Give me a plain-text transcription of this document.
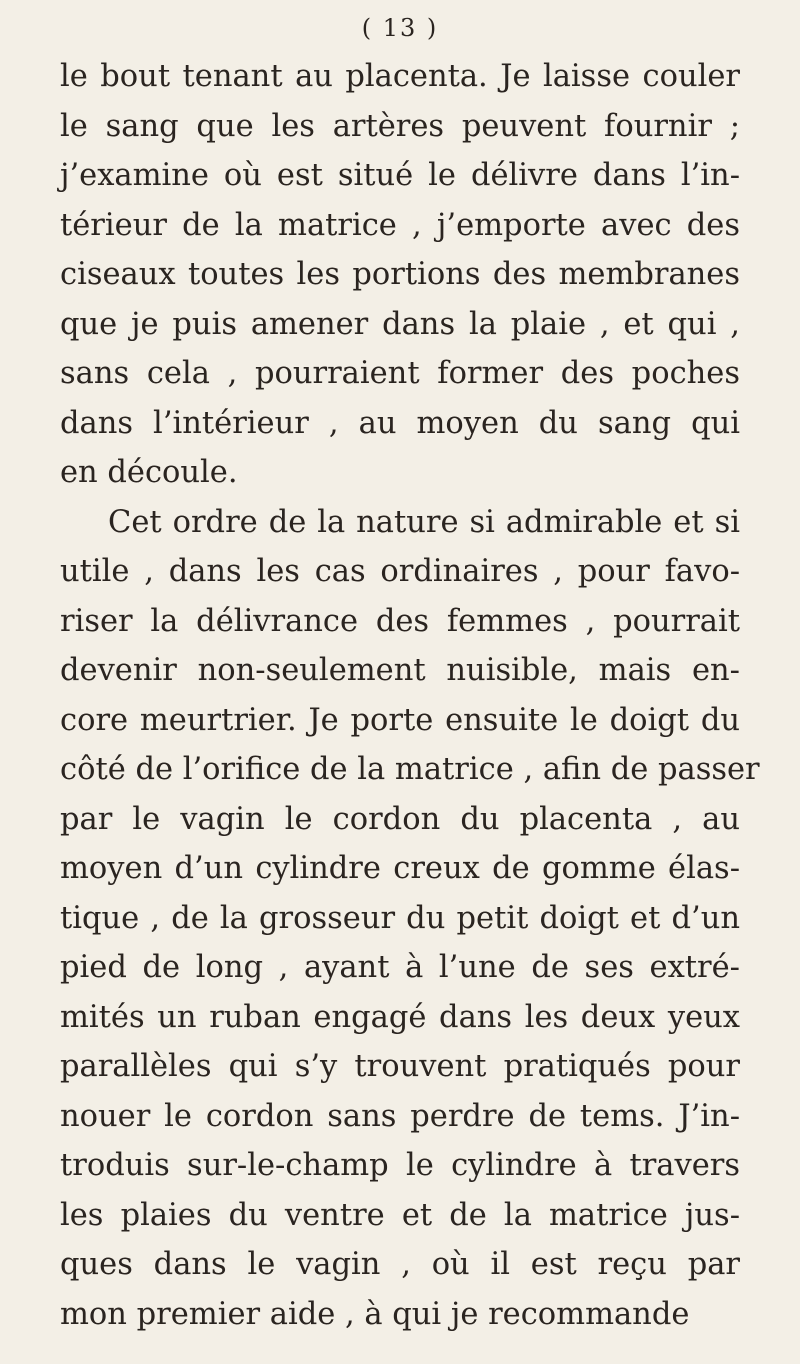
( 13 )

le bout tenant au placenta. Je laisse couler
le sang que les artères peuvent fournir ;
j’examine où est situé le délivre dans l’in-
térieur de la matrice , j’emporte avec des
ciseaux toutes les portions des membranes
que je puis amener dans la plaie , et qui ,
sans cela , pourraient former des poches
dans l’intérieur , au moyen du sang qui
en découle.

Cet ordre de la nature si admirable et si
utile , dans les cas ordinaires , pour favo-
riser la délivrance des femmes , pourrait
devenir non-seulement nuisible, mais en-
core meurtrier. Je porte ensuite le doigt du
côté de l’orifice de la matrice , afin de passer
par le vagin le cordon du placenta , au
moyen d’un cylindre creux de gomme élas-
tique , de la grosseur du petit doigt et d’un
pied de long , ayant à l’une de ses extré-
mités un ruban engagé dans les deux yeux
parallèles qui s’y trouvent pratiqués pour
nouer le cordon sans perdre de tems. J’in-
troduis sur-le-champ le cylindre à travers
les plaies du ventre et de la matrice jus-
ques dans le vagin , où il est reçu par
mon premier aide , à qui je recommande
